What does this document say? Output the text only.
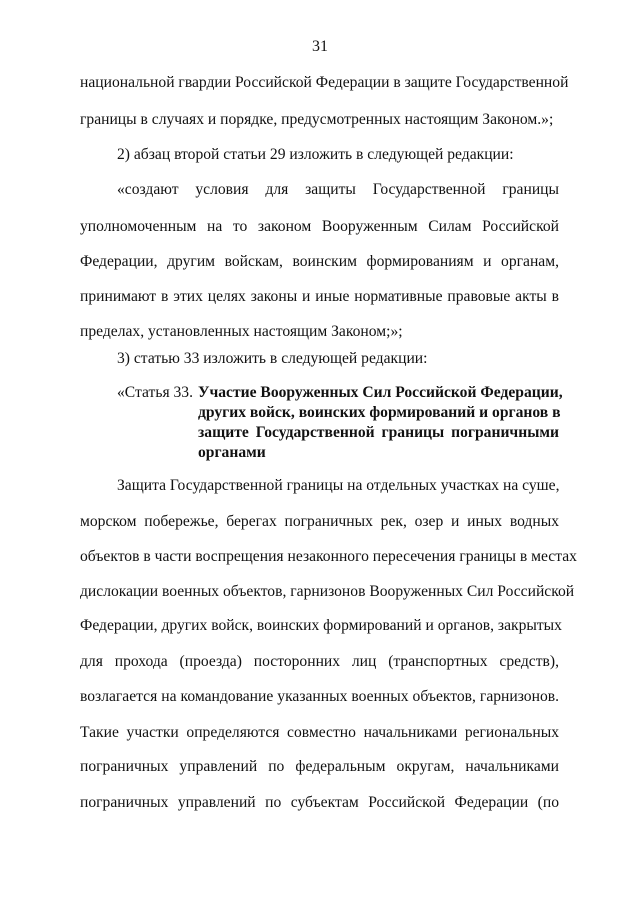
31
национальной гвардии Российской Федерации в защите Государственной
границы в случаях и порядке, предусмотренных настоящим Законом.»;
2) абзац второй статьи 29 изложить в следующей редакции:
«создают условия для защиты Государственной границы
уполномоченным на то законом Вооруженным Силам Российской
Федерации, другим войскам, воинским формированиям и органам,
принимают в этих целях законы и иные нормативные правовые акты в
пределах, установленных настоящим Законом;»;
3) статью 33 изложить в следующей редакции:
«Статья 33. Участие Вооруженных Сил Российской Федерации,
других войск, воинских формирований и органов в
защите Государственной границы пограничными
органами
Защита Государственной границы на отдельных участках на суше,
морском побережье, берегах пограничных рек, озер и иных водных
объектов в части воспрещения незаконного пересечения границы в местах
дислокации военных объектов, гарнизонов Вооруженных Сил Российской
Федерации, других войск, воинских формирований и органов, закрытых
для прохода (проезда) посторонних лиц (транспортных средств),
возлагается на командование указанных военных объектов, гарнизонов.
Такие участки определяются совместно начальниками региональных
пограничных управлений по федеральным округам, начальниками
пограничных управлений по субъектам Российской Федерации (по
